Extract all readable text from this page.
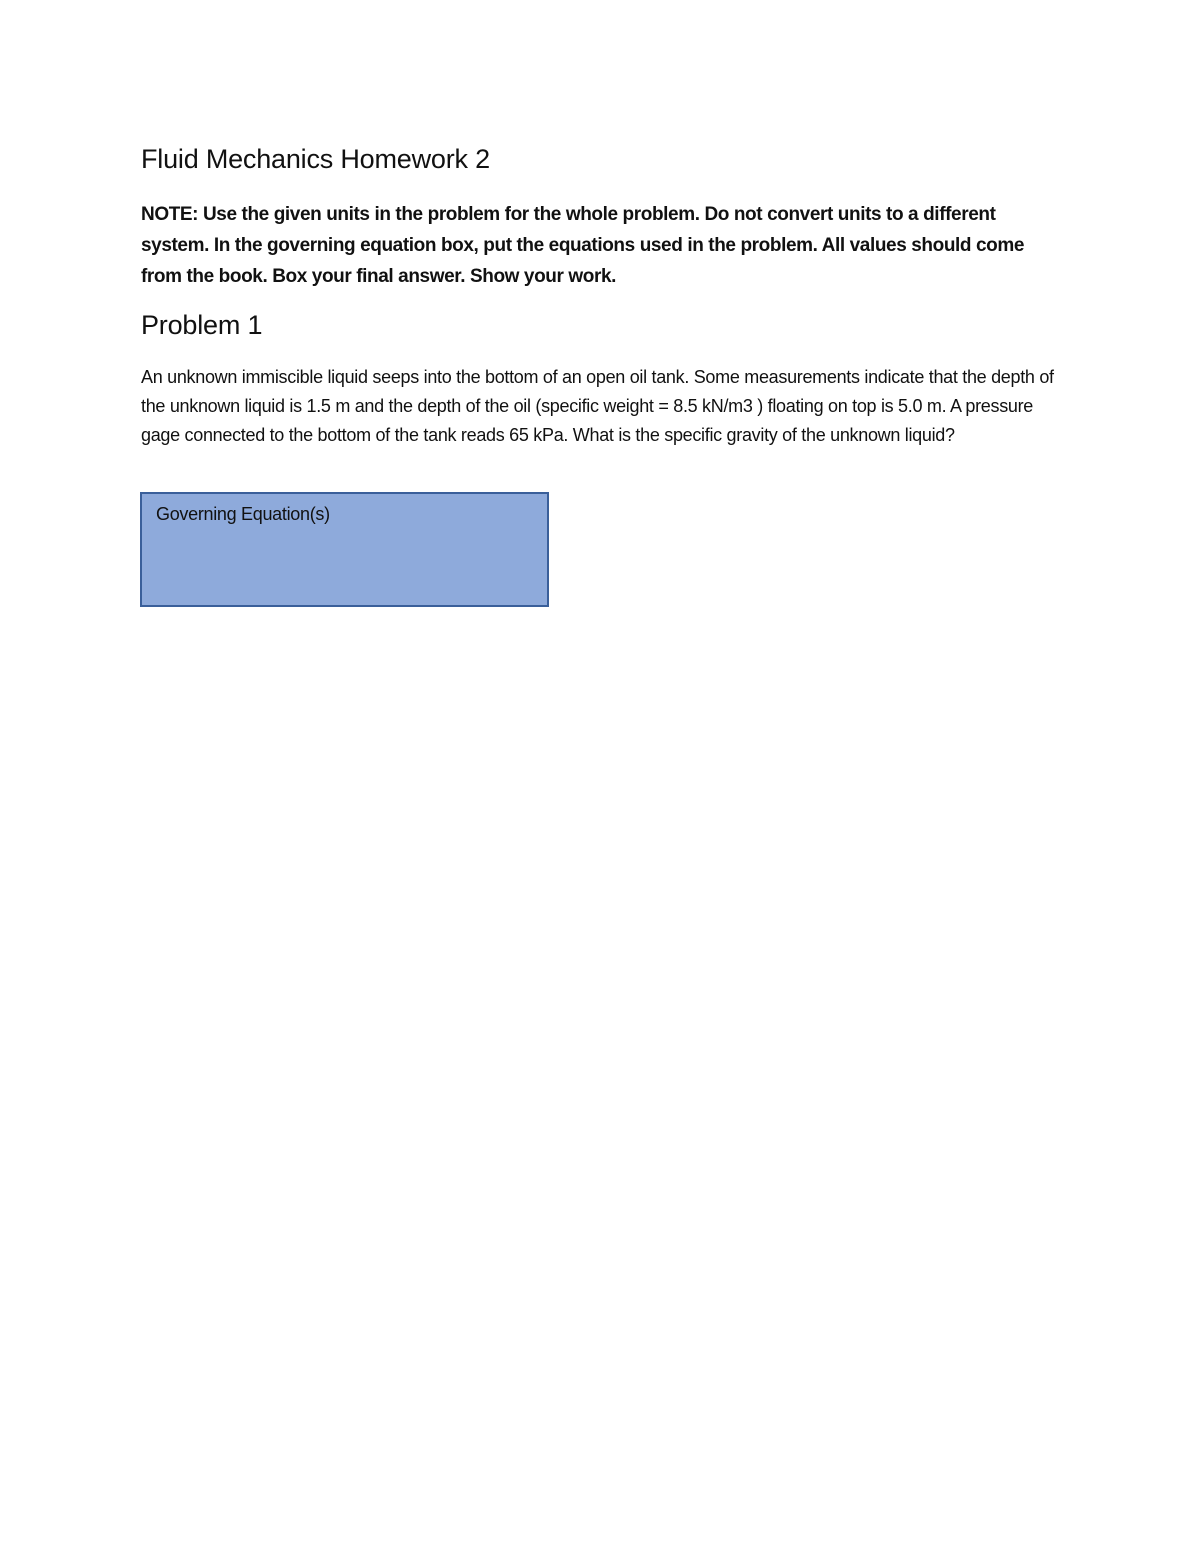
Fluid Mechanics Homework 2

NOTE: Use the given units in the problem for the whole problem. Do not convert units to a different system. In the governing equation box, put the equations used in the problem. All values should come from the book. Box your final answer. Show your work.

Problem 1

An unknown immiscible liquid seeps into the bottom of an open oil tank. Some measurements indicate that the depth of the unknown liquid is 1.5 m and the depth of the oil (specific weight = 8.5 kN/m3 ) floating on top is 5.0 m. A pressure gage connected to the bottom of the tank reads 65 kPa. What is the specific gravity of the unknown liquid?

Governing Equation(s)
